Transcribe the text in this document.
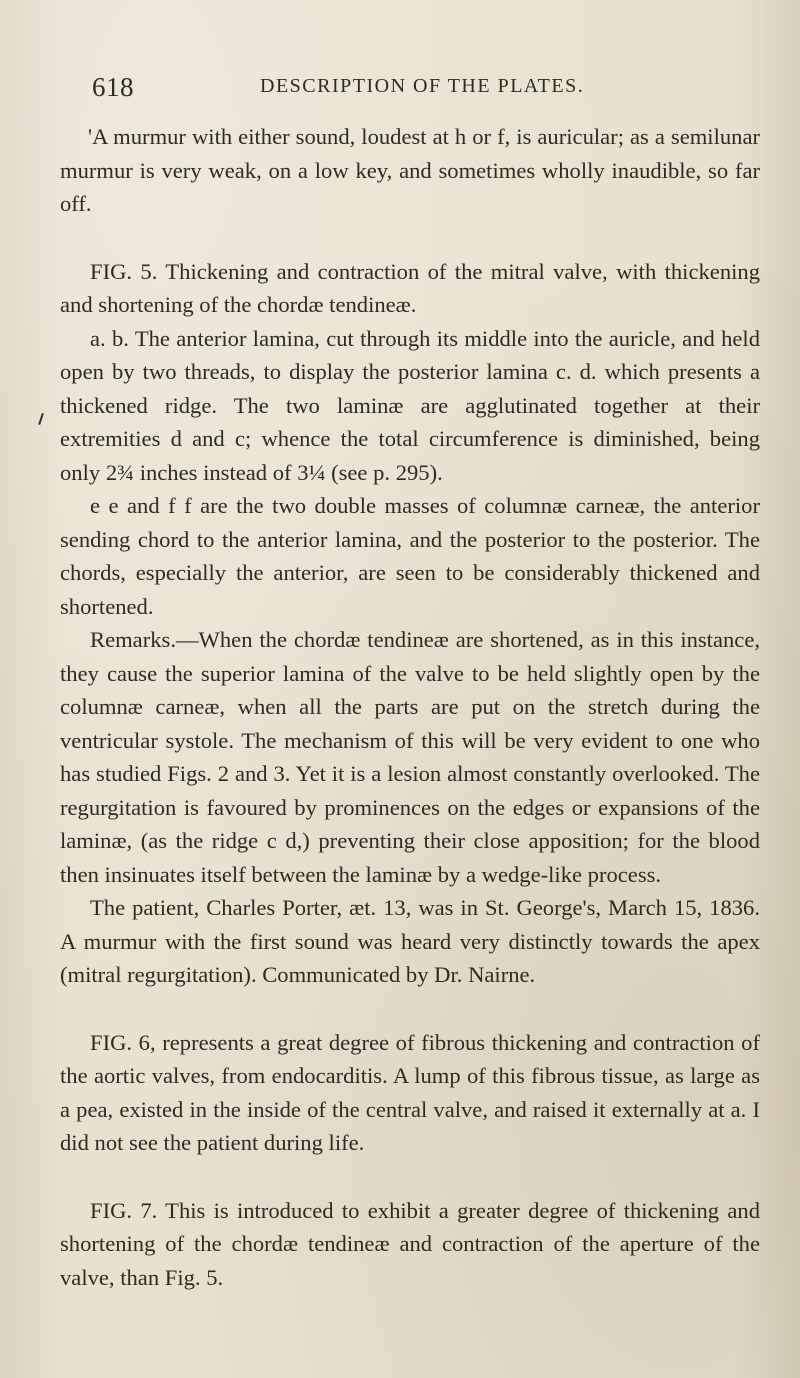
618	DESCRIPTION OF THE PLATES.

'A murmur with either sound, loudest at h or f, is auricular; as a semilunar murmur is very weak, on a low key, and sometimes wholly inaudible, so far off.

FIG. 5. Thickening and contraction of the mitral valve, with thickening and shortening of the chordæ tendineæ.

a. b. The anterior lamina, cut through its middle into the auricle, and held open by two threads, to display the posterior lamina c. d. which presents a thickened ridge. The two laminæ are agglutinated together at their extremities d and c; whence the total circumference is diminished, being only 2¾ inches instead of 3¼ (see p. 295).

e e and f f are the two double masses of columnæ carneæ, the anterior sending chord to the anterior lamina, and the posterior to the posterior. The chords, especially the anterior, are seen to be considerably thickened and shortened.

Remarks.—When the chordæ tendineæ are shortened, as in this instance, they cause the superior lamina of the valve to be held slightly open by the columnæ carneæ, when all the parts are put on the stretch during the ventricular systole. The mechanism of this will be very evident to one who has studied Figs. 2 and 3. Yet it is a lesion almost constantly overlooked. The regurgitation is favoured by prominences on the edges or expansions of the laminæ, (as the ridge c d,) preventing their close apposition; for the blood then insinuates itself between the laminæ by a wedge-like process.

The patient, Charles Porter, æt. 13, was in St. George's, March 15, 1836. A murmur with the first sound was heard very distinctly towards the apex (mitral regurgitation). Communicated by Dr. Nairne.

FIG. 6, represents a great degree of fibrous thickening and contraction of the aortic valves, from endocarditis. A lump of this fibrous tissue, as large as a pea, existed in the inside of the central valve, and raised it externally at a. I did not see the patient during life.

FIG. 7. This is introduced to exhibit a greater degree of thickening and shortening of the chordæ tendineæ and contraction of the aperture of the valve, than Fig. 5.
